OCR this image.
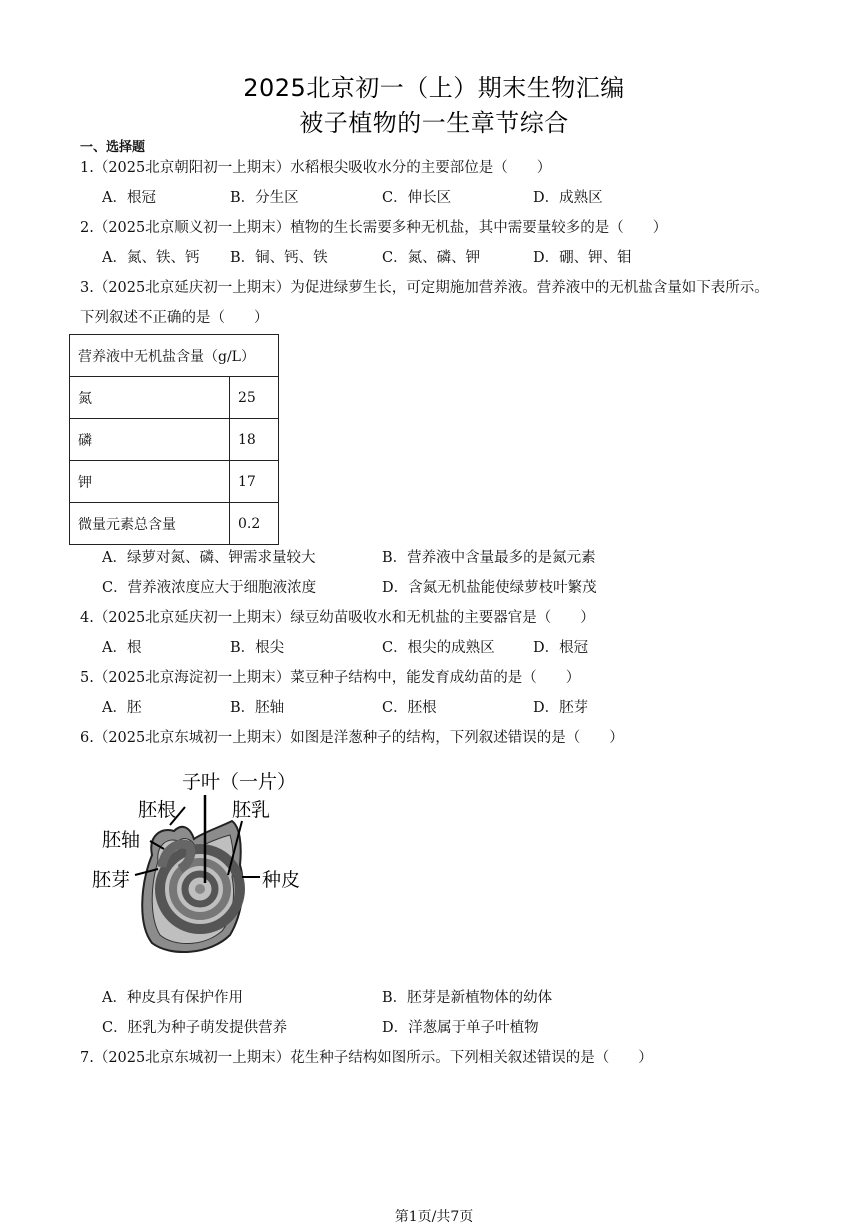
2025北京初一（上）期末生物汇编
被子植物的一生章节综合
一、选择题
1.（2025北京朝阳初一上期末）水稻根尖吸收水分的主要部位是（　　）
A．根冠	B．分生区	C．伸长区	D．成熟区
2.（2025北京顺义初一上期末）植物的生长需要多种无机盐，其中需要量较多的是（　　）
A．氮、铁、钙 B．铜、钙、铁	C．氮、磷、钾	D．硼、钾、钼
3.（2025北京延庆初一上期末）为促进绿萝生长，可定期施加营养液。营养液中的无机盐含量如下表所示。
下列叙述不正确的是（　　）
营养液中无机盐含量（g/L）	
氮	25
磷	18
钾	17
微量元素总含量	0.2
A．绿萝对氮、磷、钾需求量较大	B．营养液中含量最多的是氮元素
C．营养液浓度应大于细胞液浓度	D．含氮无机盐能使绿萝枝叶繁茂
4.（2025北京延庆初一上期末）绿豆幼苗吸收水和无机盐的主要器官是（　　）
A．根	B．根尖	C．根尖的成熟区	D．根冠
5.（2025北京海淀初一上期末）菜豆种子结构中，能发育成幼苗的是（　　）
A．胚	B．胚轴	C．胚根	D．胚芽
6.（2025北京东城初一上期末）如图是洋葱种子的结构，下列叙述错误的是（　　）
子叶（一片）
胚根	胚乳
胚轴
胚芽	种皮
A．种皮具有保护作用	B．胚芽是新植物体的幼体
C．胚乳为种子萌发提供营养	D．洋葱属于单子叶植物
7.（2025北京东城初一上期末）花生种子结构如图所示。下列相关叙述错误的是（　　）
第1页/共7页
